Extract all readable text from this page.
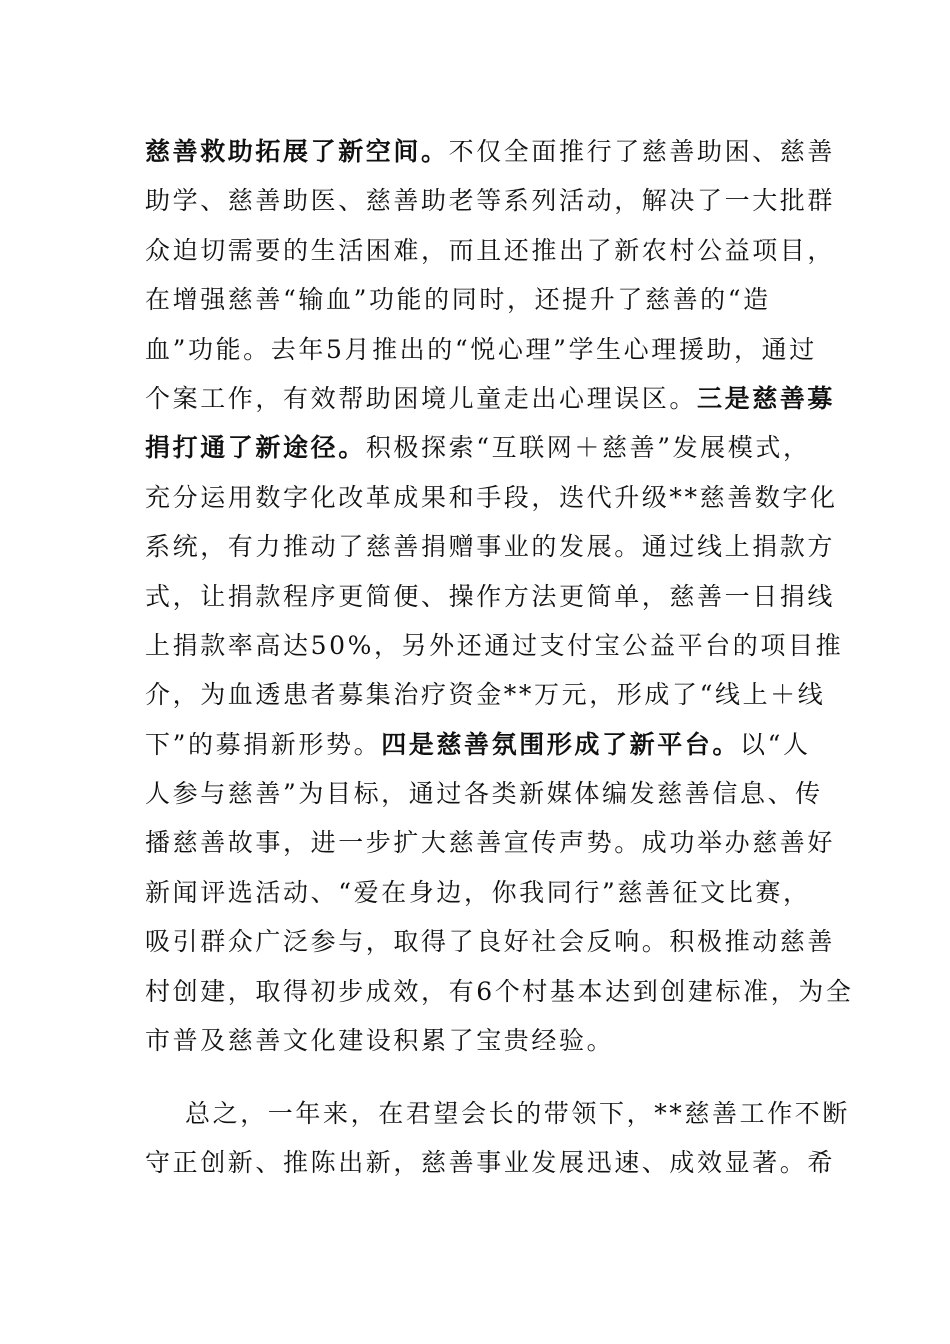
慈善救助拓展了新空间。不仅全面推行了慈善助困、慈善
助学、慈善助医、慈善助老等系列活动，解决了一大批群
众迫切需要的生活困难，而且还推出了新农村公益项目，
在增强慈善“输血”功能的同时，还提升了慈善的“造
血”功能。去年5月推出的“悦心理”学生心理援助，通过
个案工作，有效帮助困境儿童走出心理误区。三是慈善募
捐打通了新途径。积极探索“互联网＋慈善”发展模式，
充分运用数字化改革成果和手段，迭代升级**慈善数字化
系统，有力推动了慈善捐赠事业的发展。通过线上捐款方
式，让捐款程序更简便、操作方法更简单，慈善一日捐线
上捐款率高达50%，另外还通过支付宝公益平台的项目推
介，为血透患者募集治疗资金**万元，形成了“线上＋线
下”的募捐新形势。四是慈善氛围形成了新平台。以“人
人参与慈善”为目标，通过各类新媒体编发慈善信息、传
播慈善故事，进一步扩大慈善宣传声势。成功举办慈善好
新闻评选活动、“爱在身边，你我同行”慈善征文比赛，
吸引群众广泛参与，取得了良好社会反响。积极推动慈善
村创建，取得初步成效，有6个村基本达到创建标准，为全
市普及慈善文化建设积累了宝贵经验。
总之，一年来，在君望会长的带领下，**慈善工作不断
守正创新、推陈出新，慈善事业发展迅速、成效显著。希
